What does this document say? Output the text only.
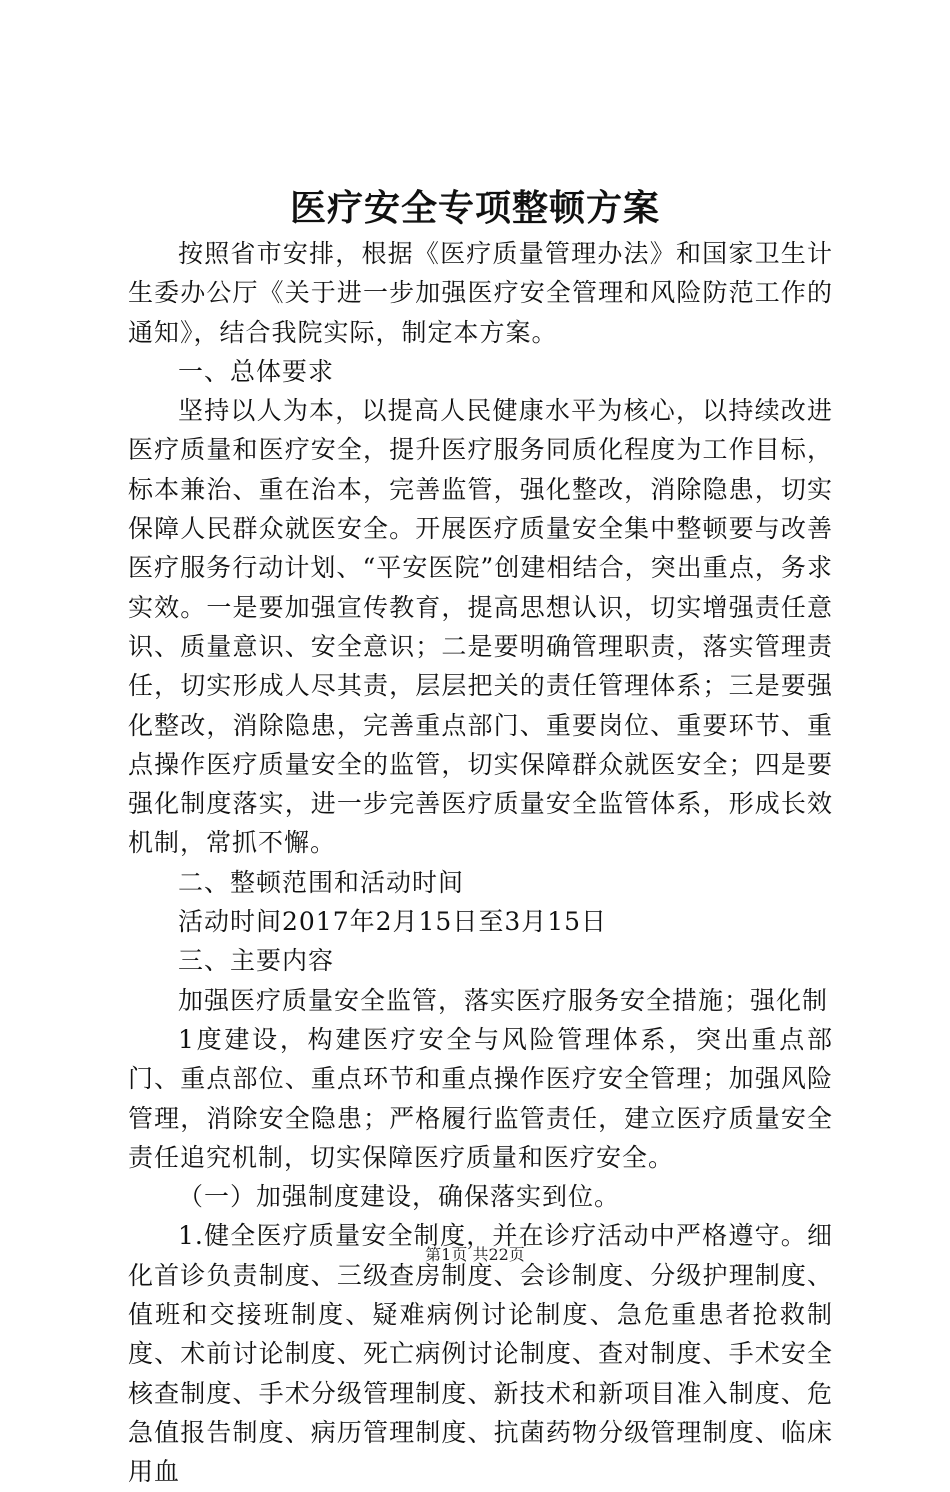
医疗安全专项整顿方案

按照省市安排，根据《医疗质量管理办法》和国家卫生计生委办公厅《关于进一步加强医疗安全管理和风险防范工作的通知》，结合我院实际，制定本方案。

一、总体要求

坚持以人为本，以提高人民健康水平为核心，以持续改进医疗质量和医疗安全，提升医疗服务同质化程度为工作目标，标本兼治、重在治本，完善监管，强化整改，消除隐患，切实保障人民群众就医安全。开展医疗质量安全集中整顿要与改善医疗服务行动计划、“平安医院”创建相结合，突出重点，务求实效。一是要加强宣传教育，提高思想认识，切实增强责任意识、质量意识、安全意识；二是要明确管理职责，落实管理责任，切实形成人尽其责，层层把关的责任管理体系；三是要强化整改，消除隐患，完善重点部门、重要岗位、重要环节、重点操作医疗质量安全的监管，切实保障群众就医安全；四是要强化制度落实，进一步完善医疗质量安全监管体系，形成长效机制，常抓不懈。

二、整顿范围和活动时间

活动时间2017年2月15日至3月15日

三、主要内容

加强医疗质量安全监管，落实医疗服务安全措施；强化制

1度建设，构建医疗安全与风险管理体系，突出重点部门、重点部位、重点环节和重点操作医疗安全管理；加强风险管理，消除安全隐患；严格履行监管责任，建立医疗质量安全责任追究机制，切实保障医疗质量和医疗安全。

（一）加强制度建设，确保落实到位。

1.健全医疗质量安全制度，并在诊疗活动中严格遵守。细化首诊负责制度、三级查房制度、会诊制度、分级护理制度、值班和交接班制度、疑难病例讨论制度、急危重患者抢救制度、术前讨论制度、死亡病例讨论制度、查对制度、手术安全核查制度、手术分级管理制度、新技术和新项目准入制度、危急值报告制度、病历管理制度、抗菌药物分级管理制度、临床用血

第1页 共22页
